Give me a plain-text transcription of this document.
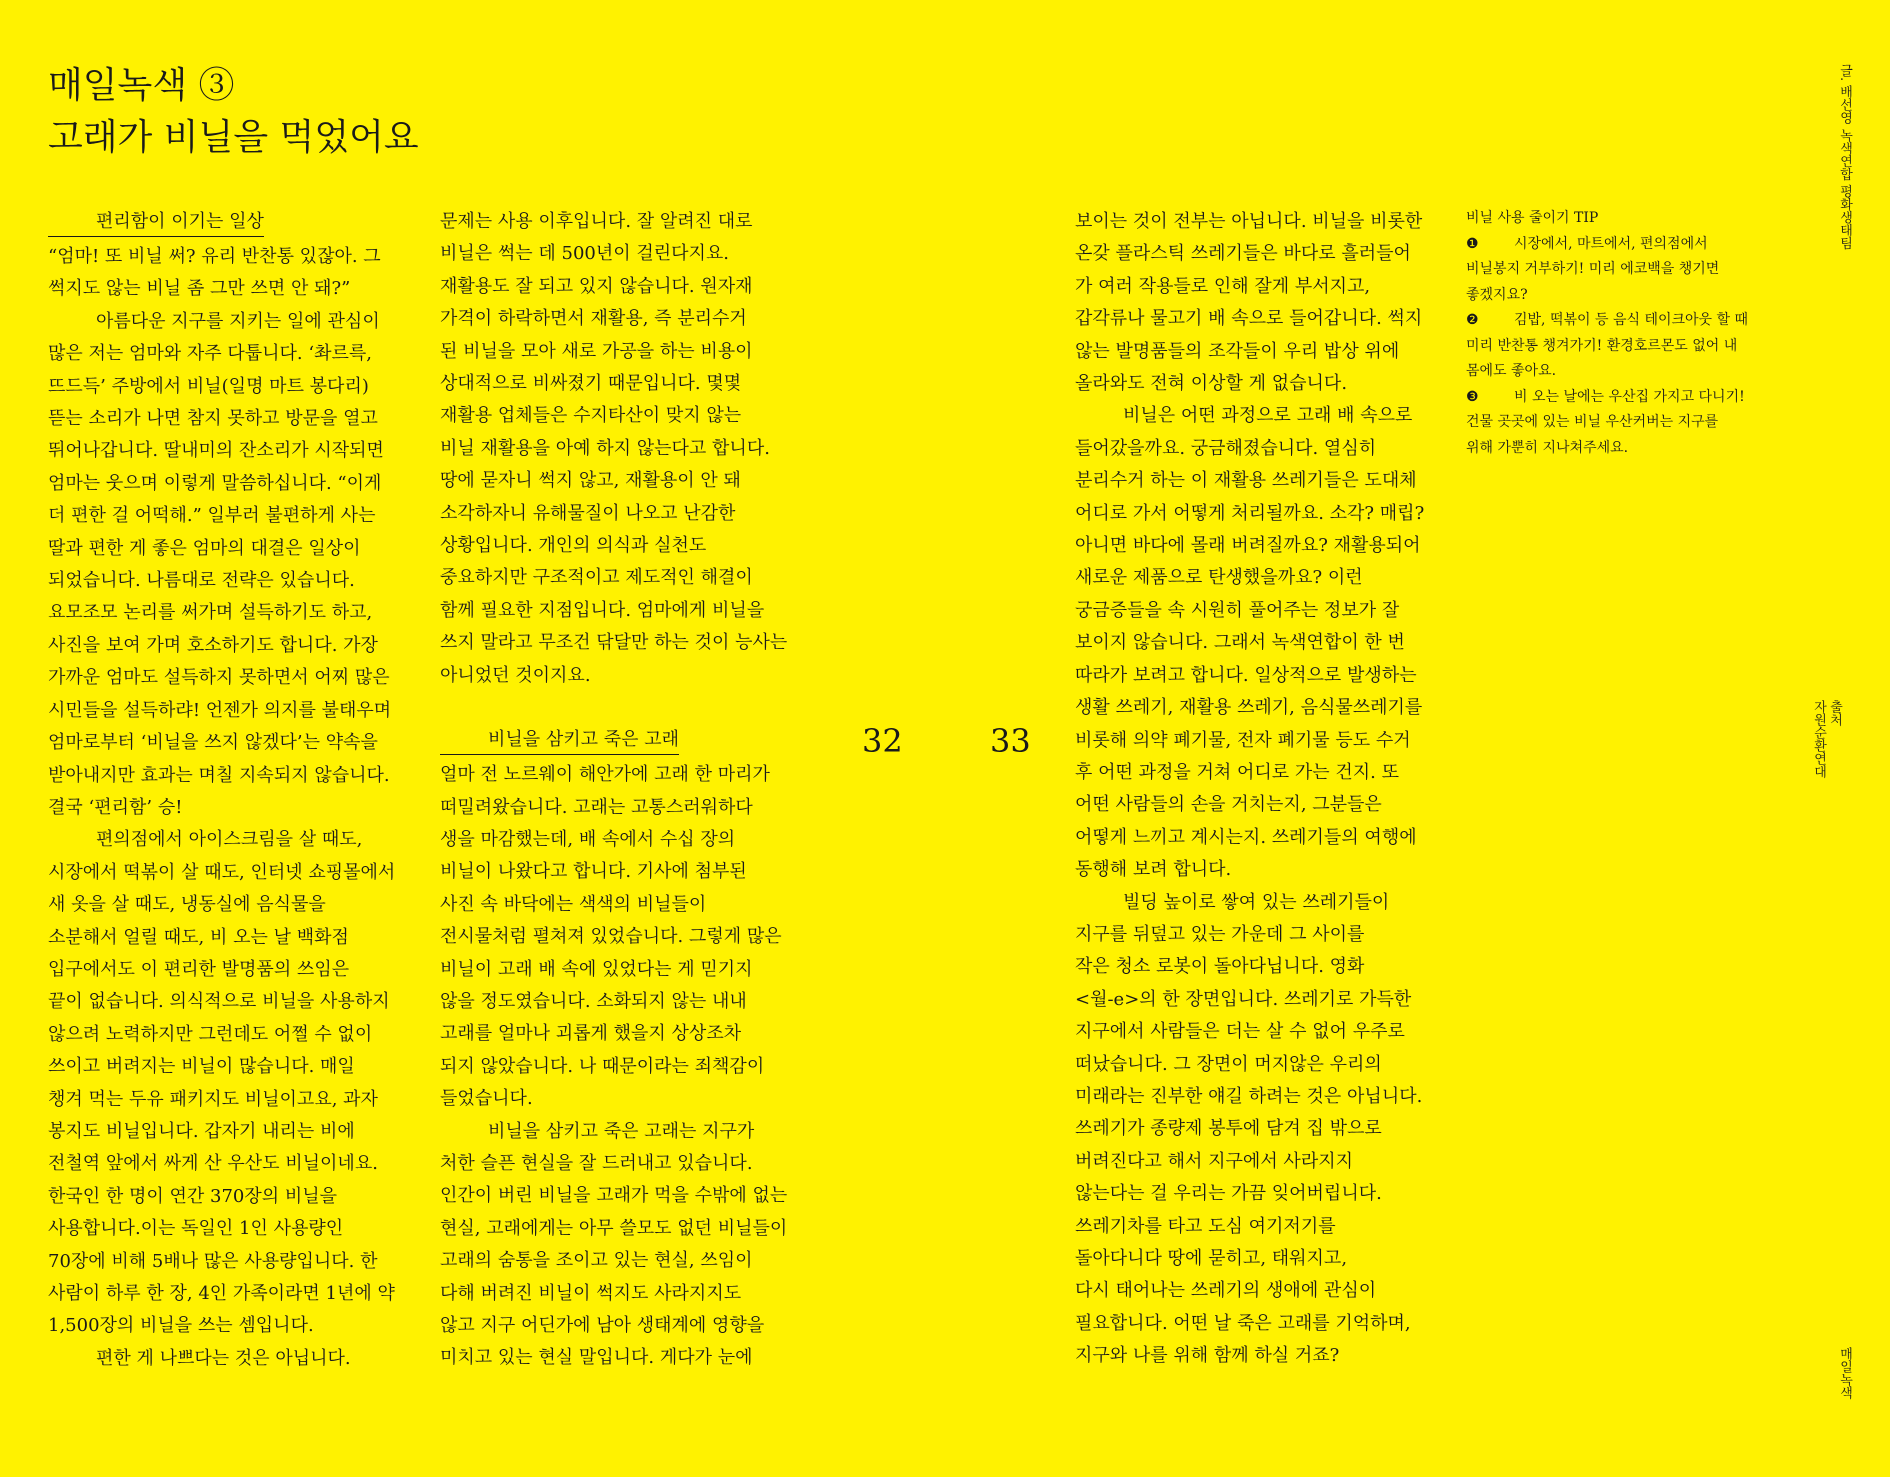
매일녹색 ③
고래가 비닐을 먹었어요
편리함이 이기는 일상
“엄마! 또 비닐 써? 유리 반찬통 있잖아. 그
썩지도 않는 비닐 좀 그만 쓰면 안 돼?”
아름다운 지구를 지키는 일에 관심이
많은 저는 엄마와 자주 다툽니다. ‘촤르륵,
뜨드득’ 주방에서 비닐(일명 마트 봉다리)
뜯는 소리가 나면 참지 못하고 방문을 열고
뛰어나갑니다. 딸내미의 잔소리가 시작되면
엄마는 웃으며 이렇게 말씀하십니다. “이게
더 편한 걸 어떡해.” 일부러 불편하게 사는
딸과 편한 게 좋은 엄마의 대결은 일상이
되었습니다. 나름대로 전략은 있습니다.
요모조모 논리를 써가며 설득하기도 하고,
사진을 보여 가며 호소하기도 합니다. 가장
가까운 엄마도 설득하지 못하면서 어찌 많은
시민들을 설득하랴! 언젠가 의지를 불태우며
엄마로부터 ‘비닐을 쓰지 않겠다’는 약속을
받아내지만 효과는 며칠 지속되지 않습니다.
결국 ‘편리함’ 승!
편의점에서 아이스크림을 살 때도,
시장에서 떡볶이 살 때도, 인터넷 쇼핑몰에서
새 옷을 살 때도, 냉동실에 음식물을
소분해서 얼릴 때도, 비 오는 날 백화점
입구에서도 이 편리한 발명품의 쓰임은
끝이 없습니다. 의식적으로 비닐을 사용하지
않으려 노력하지만 그런데도 어쩔 수 없이
쓰이고 버려지는 비닐이 많습니다. 매일
챙겨 먹는 두유 패키지도 비닐이고요, 과자
봉지도 비닐입니다. 갑자기 내리는 비에
전철역 앞에서 싸게 산 우산도 비닐이네요.
한국인 한 명이 연간 370장의 비닐을
사용합니다.이는 독일인 1인 사용량인
70장에 비해 5배나 많은 사용량입니다. 한
사람이 하루 한 장, 4인 가족이라면 1년에 약
1,500장의 비닐을 쓰는 셈입니다.
편한 게 나쁘다는 것은 아닙니다.
문제는 사용 이후입니다. 잘 알려진 대로
비닐은 썩는 데 500년이 걸린다지요.
재활용도 잘 되고 있지 않습니다. 원자재
가격이 하락하면서 재활용, 즉 분리수거
된 비닐을 모아 새로 가공을 하는 비용이
상대적으로 비싸졌기 때문입니다. 몇몇
재활용 업체들은 수지타산이 맞지 않는
비닐 재활용을 아예 하지 않는다고 합니다.
땅에 묻자니 썩지 않고, 재활용이 안 돼
소각하자니 유해물질이 나오고 난감한
상황입니다. 개인의 의식과 실천도
중요하지만 구조적이고 제도적인 해결이
함께 필요한 지점입니다. 엄마에게 비닐을
쓰지 말라고 무조건 닦달만 하는 것이 능사는
아니었던 것이지요.
비닐을 삼키고 죽은 고래
얼마 전 노르웨이 해안가에 고래 한 마리가
떠밀려왔습니다. 고래는 고통스러워하다
생을 마감했는데, 배 속에서 수십 장의
비닐이 나왔다고 합니다. 기사에 첨부된
사진 속 바닥에는 색색의 비닐들이
전시물처럼 펼쳐져 있었습니다. 그렇게 많은
비닐이 고래 배 속에 있었다는 게 믿기지
않을 정도였습니다. 소화되지 않는 내내
고래를 얼마나 괴롭게 했을지 상상조차
되지 않았습니다. 나 때문이라는 죄책감이
들었습니다.
비닐을 삼키고 죽은 고래는 지구가
처한 슬픈 현실을 잘 드러내고 있습니다.
인간이 버린 비닐을 고래가 먹을 수밖에 없는
현실, 고래에게는 아무 쓸모도 없던 비닐들이
고래의 숨통을 조이고 있는 현실, 쓰임이
다해 버려진 비닐이 썩지도 사라지지도
않고 지구 어딘가에 남아 생태계에 영향을
미치고 있는 현실 말입니다. 게다가 눈에
32	33
보이는 것이 전부는 아닙니다. 비닐을 비롯한
온갖 플라스틱 쓰레기들은 바다로 흘러들어
가 여러 작용들로 인해 잘게 부서지고,
갑각류나 물고기 배 속으로 들어갑니다. 썩지
않는 발명품들의 조각들이 우리 밥상 위에
올라와도 전혀 이상할 게 없습니다.
비닐은 어떤 과정으로 고래 배 속으로
들어갔을까요. 궁금해졌습니다. 열심히
분리수거 하는 이 재활용 쓰레기들은 도대체
어디로 가서 어떻게 처리될까요. 소각? 매립?
아니면 바다에 몰래 버려질까요? 재활용되어
새로운 제품으로 탄생했을까요? 이런
궁금증들을 속 시원히 풀어주는 정보가 잘
보이지 않습니다. 그래서 녹색연합이 한 번
따라가 보려고 합니다. 일상적으로 발생하는
생활 쓰레기, 재활용 쓰레기, 음식물쓰레기를
비롯해 의약 폐기물, 전자 폐기물 등도 수거
후 어떤 과정을 거쳐 어디로 가는 건지. 또
어떤 사람들의 손을 거치는지, 그분들은
어떻게 느끼고 계시는지. 쓰레기들의 여행에
동행해 보려 합니다.
빌딩 높이로 쌓여 있는 쓰레기들이
지구를 뒤덮고 있는 가운데 그 사이를
작은 청소 로봇이 돌아다닙니다. 영화
<월-e>의 한 장면입니다. 쓰레기로 가득한
지구에서 사람들은 더는 살 수 없어 우주로
떠났습니다. 그 장면이 머지않은 우리의
미래라는 진부한 얘길 하려는 것은 아닙니다.
쓰레기가 종량제 봉투에 담겨 집 밖으로
버려진다고 해서 지구에서 사라지지
않는다는 걸 우리는 가끔 잊어버립니다.
쓰레기차를 타고 도심 여기저기를
돌아다니다 땅에 묻히고, 태워지고,
다시 태어나는 쓰레기의 생애에 관심이
필요합니다. 어떤 날 죽은 고래를 기억하며,
지구와 나를 위해 함께 하실 거죠?
비닐 사용 줄이기 TIP
❶	시장에서, 마트에서, 편의점에서
비닐봉지 거부하기! 미리 에코백을 챙기면
좋겠지요?
❷	김밥, 떡볶이 등 음식 테이크아웃 할 때
미리 반찬통 챙겨가기! 환경호르몬도 없어 내
몸에도 좋아요.
❸	비 오는 날에는 우산집 가지고 다니기!
건물 곳곳에 있는 비닐 우산커버는 지구를
위해 가뿐히 지나쳐주세요.
글. 배선영 녹색연합 평화생태팀
출처
자원순환연대
매일녹색
